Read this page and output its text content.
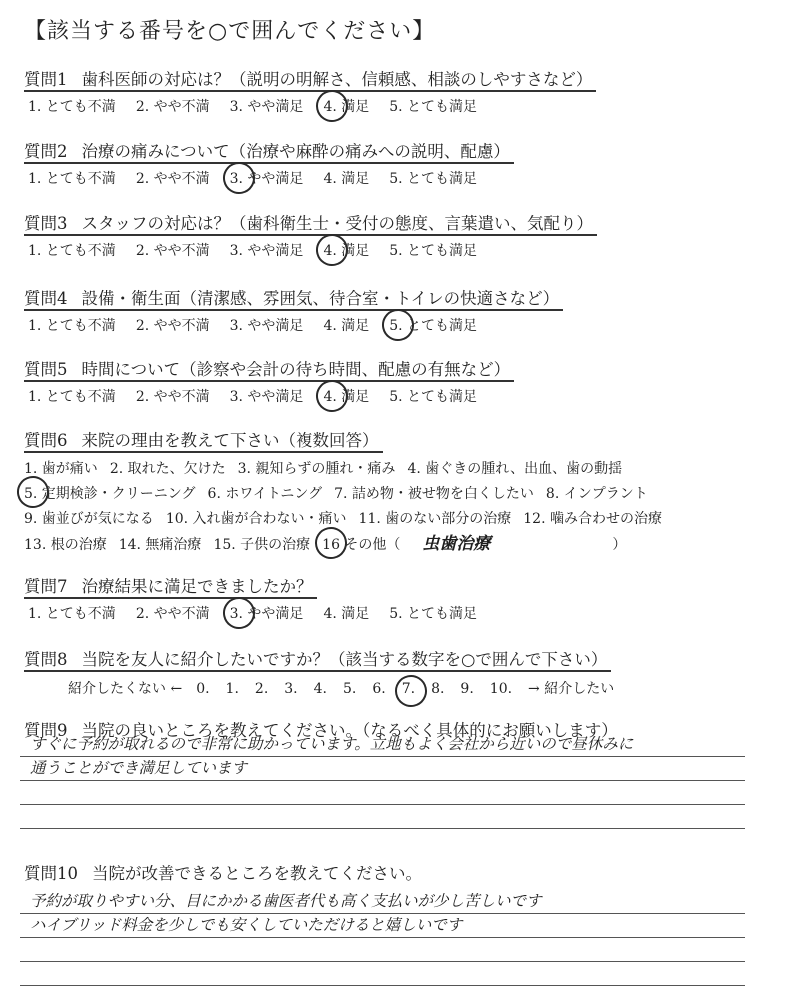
【該当する番号を○で囲んでください】
質問1 歯科医師の対応は？（説明の明解さ、信頼感、相談のしやすさなど）
1. とても不満 2. やや不満 3. やや満足 4. 満足 5. とても満足
質問2 治療の痛みについて（治療や麻酔の痛みへの説明、配慮）
1. とても不満 2. やや不満 3. やや満足 4. 満足 5. とても満足
質問3 スタッフの対応は？（歯科衛生士・受付の態度、言葉遣い、気配り）
1. とても不満 2. やや不満 3. やや満足 4. 満足 5. とても満足
質問4 設備・衛生面（清潔感、雰囲気、待合室・トイレの快適さなど）
1. とても不満 2. やや不満 3. やや満足 4. 満足 5. とても満足
質問5 時間について（診察や会計の待ち時間、配慮の有無など）
1. とても不満 2. やや不満 3. やや満足 4. 満足 5. とても満足
質問6 来院の理由を教えて下さい（複数回答）
1. 歯が痛い 2. 取れた、欠けた 3. 親知らずの腫れ・痛み 4. 歯ぐきの腫れ、出血、歯の動揺
5. 定期検診・クリーニング 6. ホワイトニング 7. 詰め物・被せ物を白くしたい 8. インプラント
9. 歯並びが気になる 10. 入れ歯が合わない・痛い 11. 歯のない部分の治療 12. 噛み合わせの治療
13. 根の治療 14. 無痛治療 15. 子供の治療 16 その他（ 虫歯治療	）
質問7 治療結果に満足できましたか？
1. とても不満 2. やや不満 3. やや満足 4. 満足 5. とても満足
質問8 当院を友人に紹介したいですか？（該当する数字を○で囲んで下さい）
紹介したくない ← 0. 1. 2. 3. 4. 5. 6. 7. 8. 9. 10. → 紹介したい
質問9 当院の良いところを教えてください。（なるべく具体的にお願いします）
すぐに予約が取れるので非常に助かっています。立地もよく会社から近いので昼休みに
通うことができ満足しています
質問10 当院が改善できるところを教えてください。
予約が取りやすい分、目にかかる歯医者代も高く支払いが少し苦しいです
ハイブリッド料金を少しでも安くしていただけると嬉しいです
